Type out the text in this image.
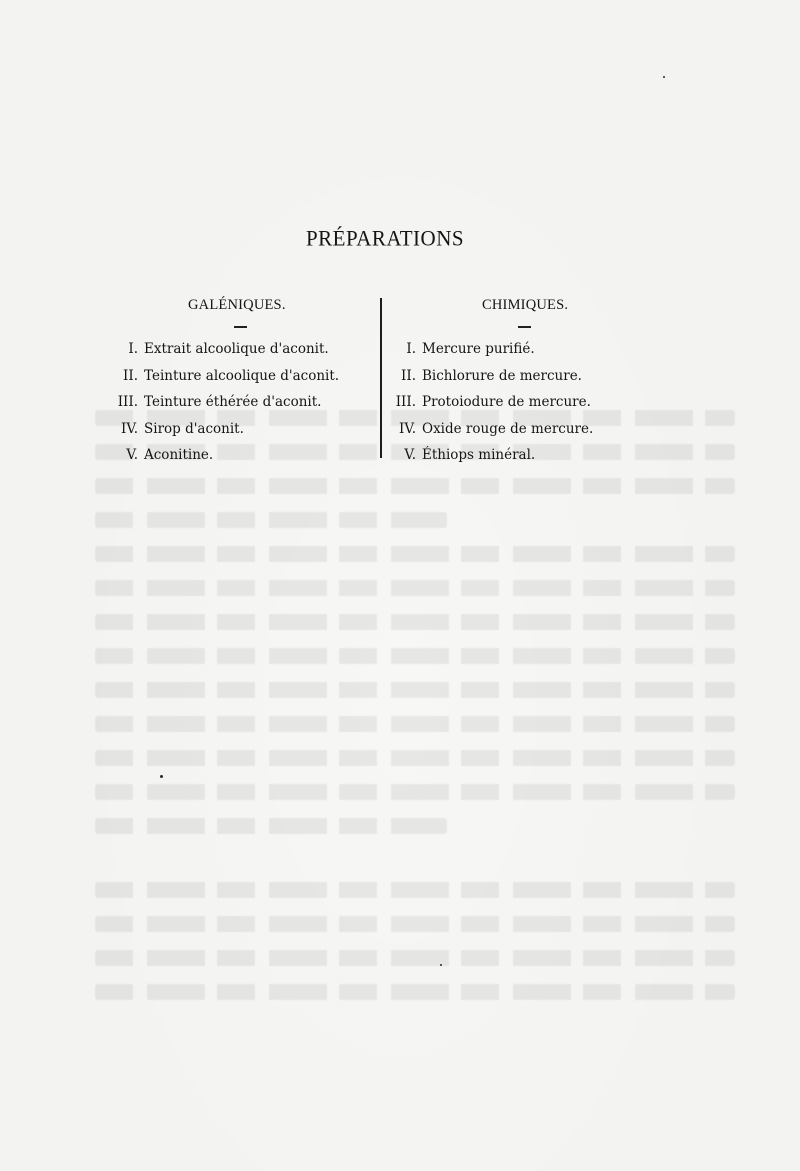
PRÉPARATIONS
GALÉNIQUES.	CHIMIQUES.
I. Extrait alcoolique d'aconit.
II. Teinture alcoolique d'aconit.
III. Teinture éthérée d'aconit.
IV. Sirop d'aconit.
V. Aconitine.
I. Mercure purifié.
II. Bichlorure de mercure.
III. Protoiodure de mercure.
IV. Oxide rouge de mercure.
V. Éthiops minéral.
